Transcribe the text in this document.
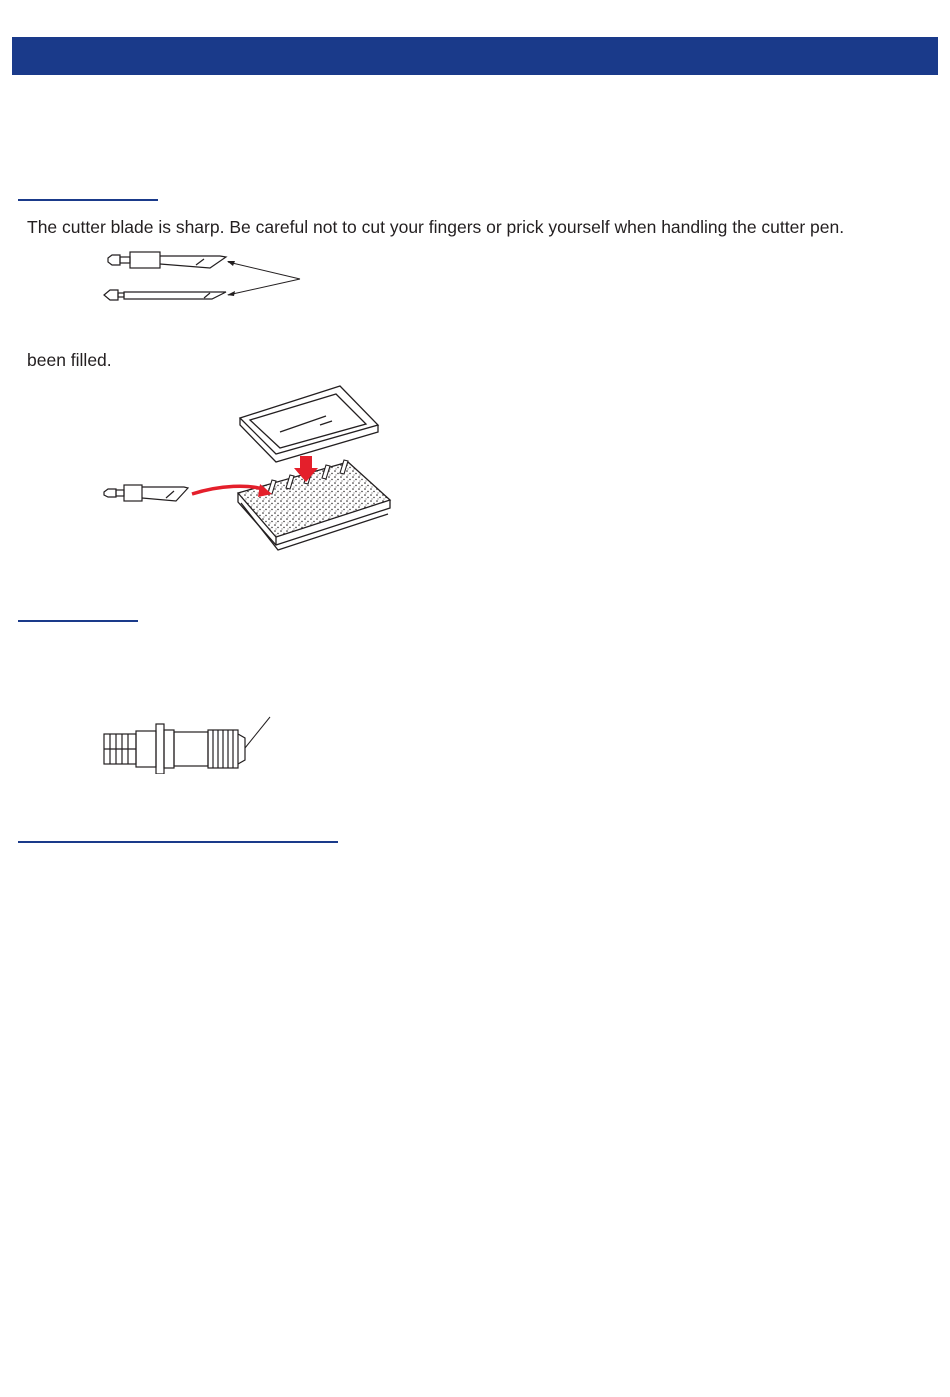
The cutter blade is sharp. Be careful not to cut your fingers or prick yourself when handling the cutter pen.
been filled.
